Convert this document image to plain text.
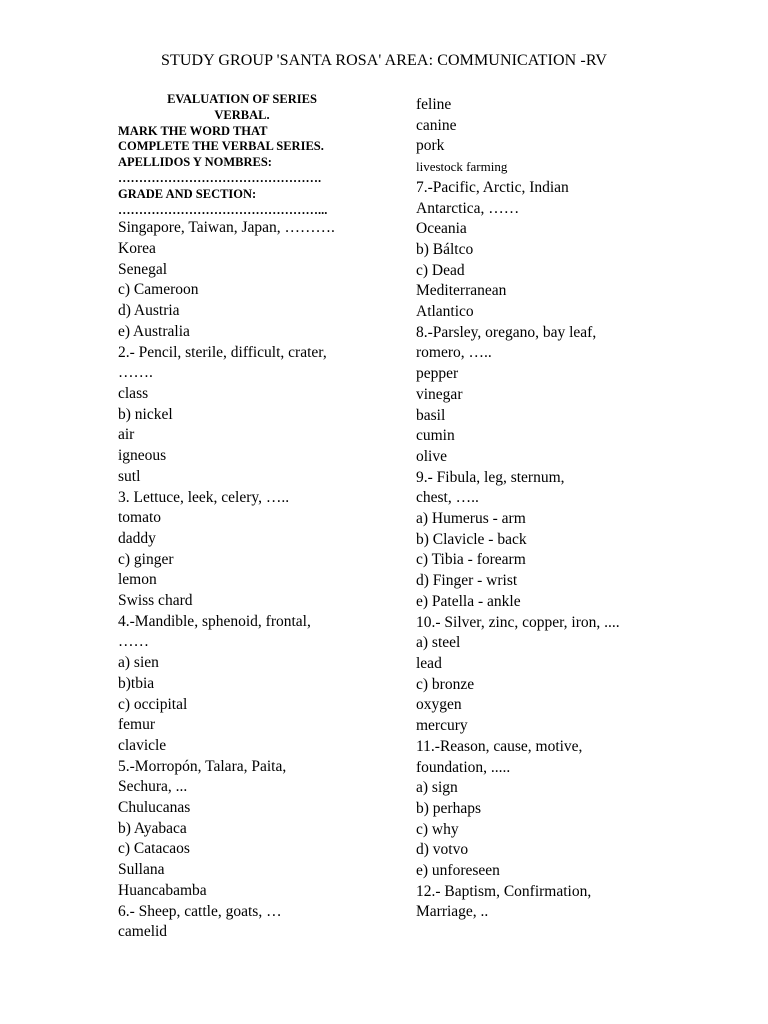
STUDY GROUP 'SANTA ROSA' AREA: COMMUNICATION -RV
EVALUATION OF SERIES
VERBAL.
MARK THE WORD THAT
COMPLETE THE VERBAL SERIES.
APELLIDOS Y NOMBRES:
………………………………………….
GRADE AND SECTION:
…………………………………………...
Singapore, Taiwan, Japan, ……….
Korea
Senegal
c) Cameroon
d) Austria
e) Australia
2.- Pencil, sterile, difficult, crater,
…….
class
b) nickel
air
igneous
sutl
3. Lettuce, leek, celery, …..
tomato
daddy
c) ginger
lemon
Swiss chard
4.-Mandible, sphenoid, frontal,
……
a) sien
b)tbia
c) occipital
femur
clavicle
5.-Morropón, Talara, Paita,
Sechura, ...
Chulucanas
b) Ayabaca
c) Catacaos
Sullana
Huancabamba
6.- Sheep, cattle, goats, …
camelid
feline
canine
pork
livestock farming
7.-Pacific, Arctic, Indian
Antarctica, ……
Oceania
b) Báltco
c) Dead
Mediterranean
Atlantico
8.-Parsley, oregano, bay leaf,
romero, …..
pepper
vinegar
basil
cumin
olive
9.- Fibula, leg, sternum,
chest, …..
a) Humerus - arm
b) Clavicle - back
c) Tibia - forearm
d) Finger - wrist
e) Patella - ankle
10.- Silver, zinc, copper, iron, ....
a) steel
lead
c) bronze
oxygen
mercury
11.-Reason, cause, motive,
foundation, .....
a) sign
b) perhaps
c) why
d) votvo
e) unforeseen
12.- Baptism, Confirmation,
Marriage, ..
